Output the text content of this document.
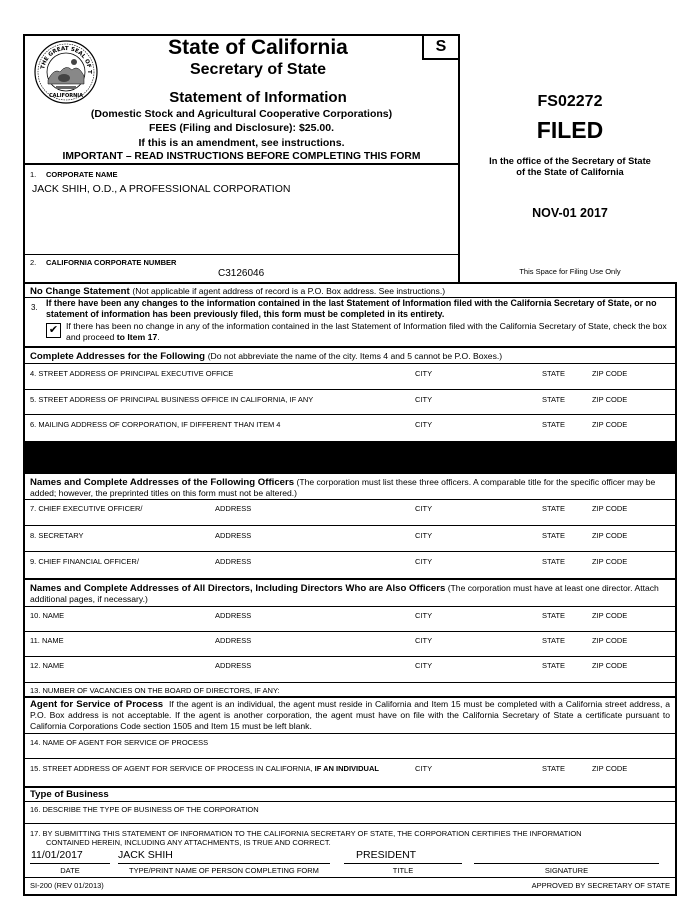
S
THE GREAT SEAL OF T
CALIFORNIA
State of California
Secretary of State
Statement of Information
(Domestic Stock and Agricultural Cooperative Corporations)
FEES (Filing and Disclosure): $25.00.
If this is an amendment, see instructions.
IMPORTANT – READ INSTRUCTIONS BEFORE COMPLETING THIS FORM
FS02272
FILED
In the office of the Secretary of State
of the State of California
NOV-01 2017
This Space for Filing Use Only
1. CORPORATE NAME
JACK SHIH, O.D., A PROFESSIONAL CORPORATION
2. CALIFORNIA CORPORATE NUMBER
C3126046
No Change Statement (Not applicable if agent address of record is a P.O. Box address. See instructions.)
3. If there have been any changes to the information contained in the last Statement of Information filed with the California Secretary of State, or no statement of information has been previously filed, this form must be completed in its entirety.
✔ If there has been no change in any of the information contained in the last Statement of Information filed with the California Secretary of State, check the box and proceed to Item 17.
Complete Addresses for the Following (Do not abbreviate the name of the city. Items 4 and 5 cannot be P.O. Boxes.)
4. STREET ADDRESS OF PRINCIPAL EXECUTIVE OFFICE	CITY	STATE	ZIP CODE
5. STREET ADDRESS OF PRINCIPAL BUSINESS OFFICE IN CALIFORNIA, IF ANY	CITY	STATE	ZIP CODE
6. MAILING ADDRESS OF CORPORATION, IF DIFFERENT THAN ITEM 4	CITY	STATE	ZIP CODE
Names and Complete Addresses of the Following Officers (The corporation must list these three officers. A comparable title for the specific officer may be added; however, the preprinted titles on this form must not be altered.)
7. CHIEF EXECUTIVE OFFICER/	ADDRESS	CITY	STATE	ZIP CODE
8. SECRETARY	ADDRESS	CITY	STATE	ZIP CODE
9. CHIEF FINANCIAL OFFICER/	ADDRESS	CITY	STATE	ZIP CODE
Names and Complete Addresses of All Directors, Including Directors Who are Also Officers (The corporation must have at least one director. Attach additional pages, if necessary.)
10. NAME	ADDRESS	CITY	STATE	ZIP CODE
11. NAME	ADDRESS	CITY	STATE	ZIP CODE
12. NAME	ADDRESS	CITY	STATE	ZIP CODE
13. NUMBER OF VACANCIES ON THE BOARD OF DIRECTORS, IF ANY:
Agent for Service of Process If the agent is an individual, the agent must reside in California and Item 15 must be completed with a California street address, a P.O. Box address is not acceptable. If the agent is another corporation, the agent must have on file with the California Secretary of State a certificate pursuant to California Corporations Code section 1505 and Item 15 must be left blank.
14. NAME OF AGENT FOR SERVICE OF PROCESS
15. STREET ADDRESS OF AGENT FOR SERVICE OF PROCESS IN CALIFORNIA, IF AN INDIVIDUAL	CITY	STATE	ZIP CODE
Type of Business
16. DESCRIBE THE TYPE OF BUSINESS OF THE CORPORATION
17. BY SUBMITTING THIS STATEMENT OF INFORMATION TO THE CALIFORNIA SECRETARY OF STATE, THE CORPORATION CERTIFIES THE INFORMATION
CONTAINED HEREIN, INCLUDING ANY ATTACHMENTS, IS TRUE AND CORRECT.
11/01/2017	JACK SHIH	PRESIDENT
DATE	TYPE/PRINT NAME OF PERSON COMPLETING FORM	TITLE	SIGNATURE
SI-200 (REV 01/2013)	APPROVED BY SECRETARY OF STATE
